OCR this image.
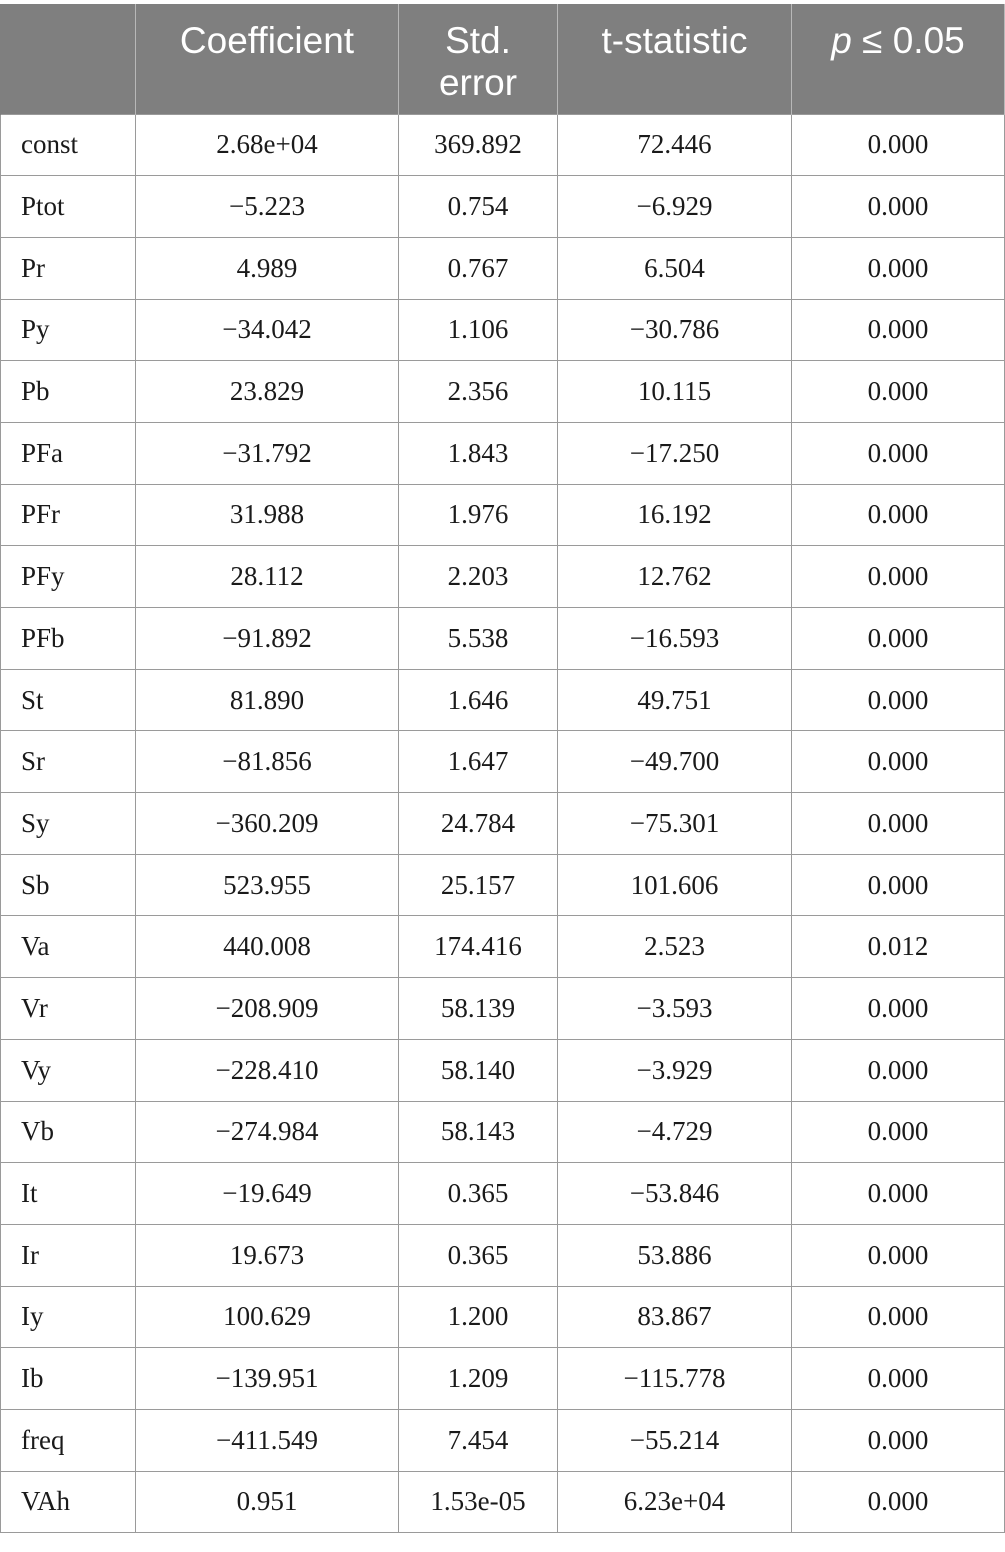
	Coefficient	Std. error	t-statistic	p ≤ 0.05
const	2.68e+04	369.892	72.446	0.000
Ptot	−5.223	0.754	−6.929	0.000
Pr	4.989	0.767	6.504	0.000
Py	−34.042	1.106	−30.786	0.000
Pb	23.829	2.356	10.115	0.000
PFa	−31.792	1.843	−17.250	0.000
PFr	31.988	1.976	16.192	0.000
PFy	28.112	2.203	12.762	0.000
PFb	−91.892	5.538	−16.593	0.000
St	81.890	1.646	49.751	0.000
Sr	−81.856	1.647	−49.700	0.000
Sy	−360.209	24.784	−75.301	0.000
Sb	523.955	25.157	101.606	0.000
Va	440.008	174.416	2.523	0.012
Vr	−208.909	58.139	−3.593	0.000
Vy	−228.410	58.140	−3.929	0.000
Vb	−274.984	58.143	−4.729	0.000
It	−19.649	0.365	−53.846	0.000
Ir	19.673	0.365	53.886	0.000
Iy	100.629	1.200	83.867	0.000
Ib	−139.951	1.209	−115.778	0.000
freq	−411.549	7.454	−55.214	0.000
VAh	0.951	1.53e-05	6.23e+04	0.000
